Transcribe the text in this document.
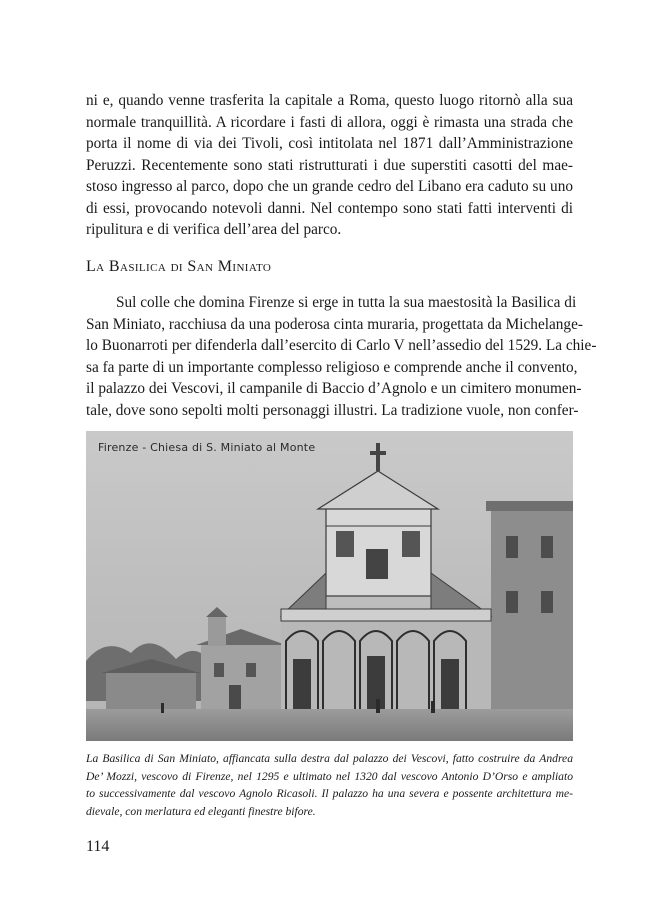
ni e, quando venne trasferita la capitale a Roma, questo luogo ritornò alla sua
normale tranquillità. A ricordare i fasti di allora, oggi è rimasta una strada che
porta il nome di via dei Tivoli, così intitolata nel 1871 dall’Amministrazione
Peruzzi. Recentemente sono stati ristrutturati i due superstiti casotti del mae-
stoso ingresso al parco, dopo che un grande cedro del Libano era caduto su uno
di essi, provocando notevoli danni. Nel contempo sono stati fatti interventi di
ripulitura e di verifica dell’area del parco.

La Basilica di San Miniato

Sul colle che domina Firenze si erge in tutta la sua maestosità la Basilica di
San Miniato, racchiusa da una poderosa cinta muraria, progettata da Michelange-
lo Buonarroti per difenderla dall’esercito di Carlo V nell’assedio del 1529. La chie-
sa fa parte di un importante complesso religioso e comprende anche il convento,
il palazzo dei Vescovi, il campanile di Baccio d’Agnolo e un cimitero monumen-
tale, dove sono sepolti molti personaggi illustri. La tradizione vuole, non confer-

Firenze - Chiesa di S. Miniato al Monte

La Basilica di San Miniato, affiancata sulla destra dal palazzo dei Vescovi, fatto costruire da Andrea
De’ Mozzi, vescovo di Firenze, nel 1295 e ultimato nel 1320 dal vescovo Antonio D’Orso e ampliato
to successivamente dal vescovo Agnolo Ricasoli. Il palazzo ha una severa e possente architettura me-
dievale, con merlatura ed eleganti finestre bifore.

114
